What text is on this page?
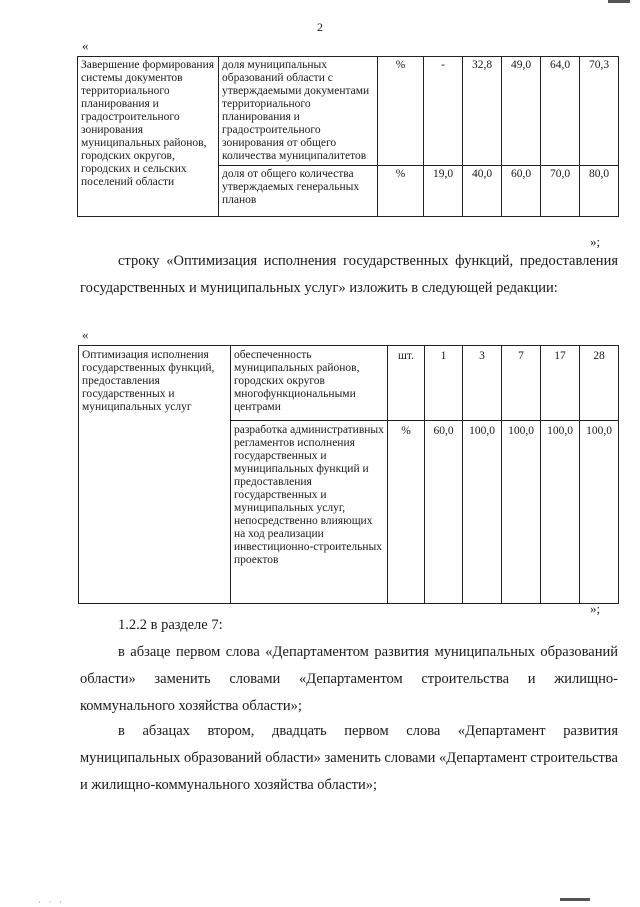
2
«
Завершение формирования системы документов территориального планирования и градостроительного зонирования муниципальных районов, городских округов, городских и сельских поселений области	доля муниципальных образований области с утверждаемыми документами территориального планирования и градостроительного зонирования от общего количества муниципалитетов	%	-	32,8	49,0	64,0	70,3
	доля от общего количества утверждаемых генеральных планов	%	19,0	40,0	60,0	70,0	80,0
»;
строку «Оптимизация исполнения государственных функций, предоставления государственных и муниципальных услуг» изложить в следующей редакции:
«
Оптимизация исполнения государственных функций, предоставления государственных и муниципальных услуг	обеспеченность муниципальных районов, городских округов многофункциональными центрами	шт.	1	3	7	17	28
	разработка административных регламентов исполнения государственных и муниципальных функций и предоставления государственных и муниципальных услуг, непосредственно влияющих на ход реализации инвестиционно-строительных проектов	%	60,0	100,0	100,0	100,0	100,0
»;
1.2.2 в разделе 7:
в абзаце первом слова «Департаментом развития муниципальных образований области» заменить словами «Департаментом строительства и жилищно-коммунального хозяйства области»;
в абзацах втором, двадцать первом слова «Департамент развития муниципальных образований области» заменить словами «Департамент строительства и жилищно-коммунального хозяйства области»;
· · ·
